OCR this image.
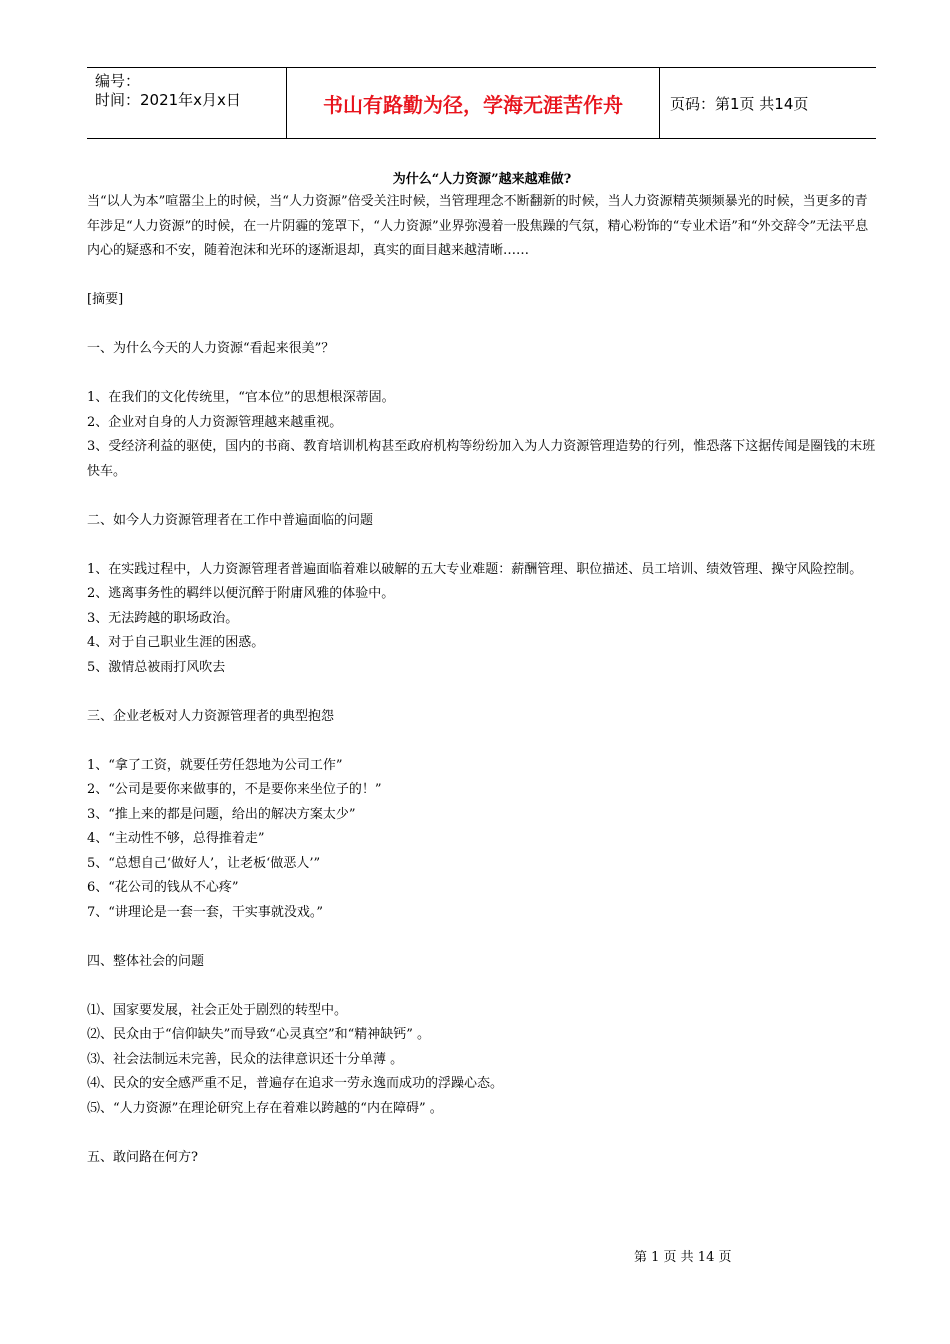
编号：
时间：2021年x月x日	书山有路勤为径，学海无涯苦作舟	页码：第1页 共14页

为什么“人力资源”越来越难做?

当“以人为本”喧嚣尘上的时候，当“人力资源”倍受关注时候，当管理理念不断翻新的时候，当人力资源精英频频暴光的时候，当更多的青年涉足“人力资源”的时候，在一片阴霾的笼罩下，“人力资源”业界弥漫着一股焦躁的气氛，精心粉饰的“专业术语”和“外交辞令”无法平息内心的疑惑和不安，随着泡沫和光环的逐渐退却，真实的面目越来越清晰……

[摘要]

一、为什么今天的人力资源“看起来很美”？

1、在我们的文化传统里，“官本位”的思想根深蒂固。

2、企业对自身的人力资源管理越来越重视。

3、受经济利益的驱使，国内的书商、教育培训机构甚至政府机构等纷纷加入为人力资源管理造势的行列，惟恐落下这据传闻是圈钱的末班快车。

二、如今人力资源管理者在工作中普遍面临的问题

1、在实践过程中，人力资源管理者普遍面临着难以破解的五大专业难题：薪酬管理、职位描述、员工培训、绩效管理、操守风险控制。

2、逃离事务性的羁绊以便沉醉于附庸风雅的体验中。

3、无法跨越的职场政治。

4、对于自己职业生涯的困惑。

5、激情总被雨打风吹去

三、企业老板对人力资源管理者的典型抱怨

1、“拿了工资，就要任劳任怨地为公司工作”

2、“公司是要你来做事的，不是要你来坐位子的！”

3、“推上来的都是问题，给出的解决方案太少”

4、“主动性不够，总得推着走”

5、“总想自己‘做好人’，让老板‘做恶人’”

6、“花公司的钱从不心疼”

7、“讲理论是一套一套，干实事就没戏。”

四、整体社会的问题

⑴、国家要发展，社会正处于剧烈的转型中。

⑵、民众由于“信仰缺失”而导致“心灵真空”和“精神缺钙” 。

⑶、社会法制远未完善，民众的法律意识还十分单薄 。

⑷、民众的安全感严重不足，普遍存在追求一劳永逸而成功的浮躁心态。

⑸、“人力资源”在理论研究上存在着难以跨越的“内在障碍” 。

五、敢问路在何方?

第 1 页 共 14 页
